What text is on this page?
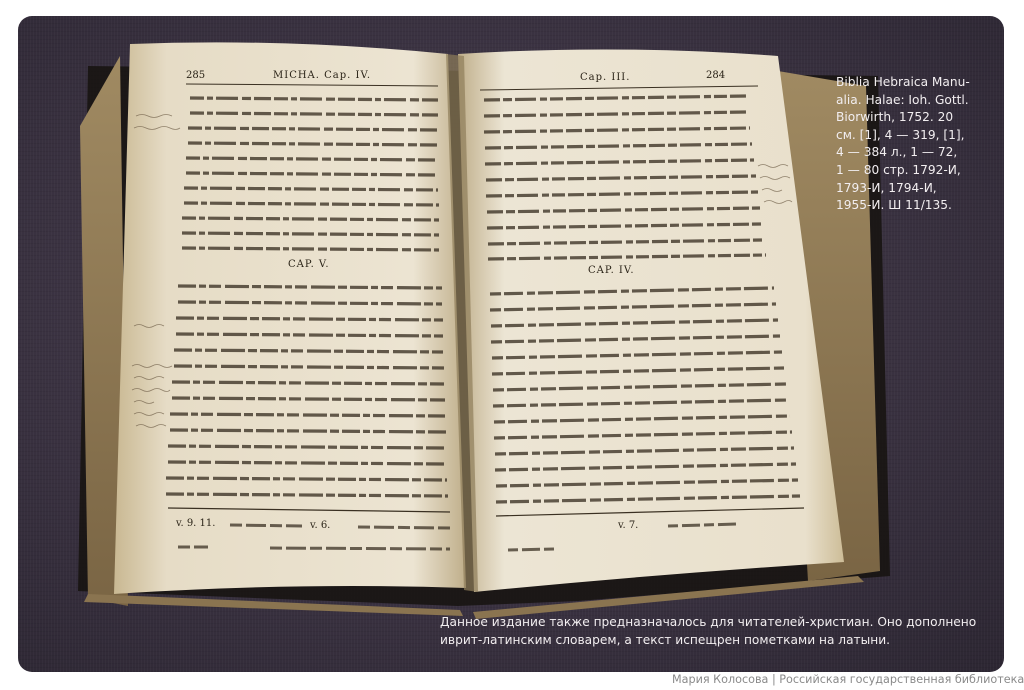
285	MICHA. Cap. IV.	Cap. III.	284
CAP. V.
CAP. IV.
v. 9. 11.	v. 6.	v. 7.
Biblia Hebraica Manu-
alia. Halae: Ioh. Gottl.
Biorwirth, 1752. 20
см. [1], 4 — 319, [1],
4 — 384 л., 1 — 72,
1 — 80 стр. 1792-И,
1793-И, 1794-И,
1955-И. Ш 11/135.
Данное издание также предназначалось для читателей-христиан. Оно дополнено
иврит-латинским словарем, а текст испещрен пометками на латыни.
Мария Колосова | Российская государственная библиотека
